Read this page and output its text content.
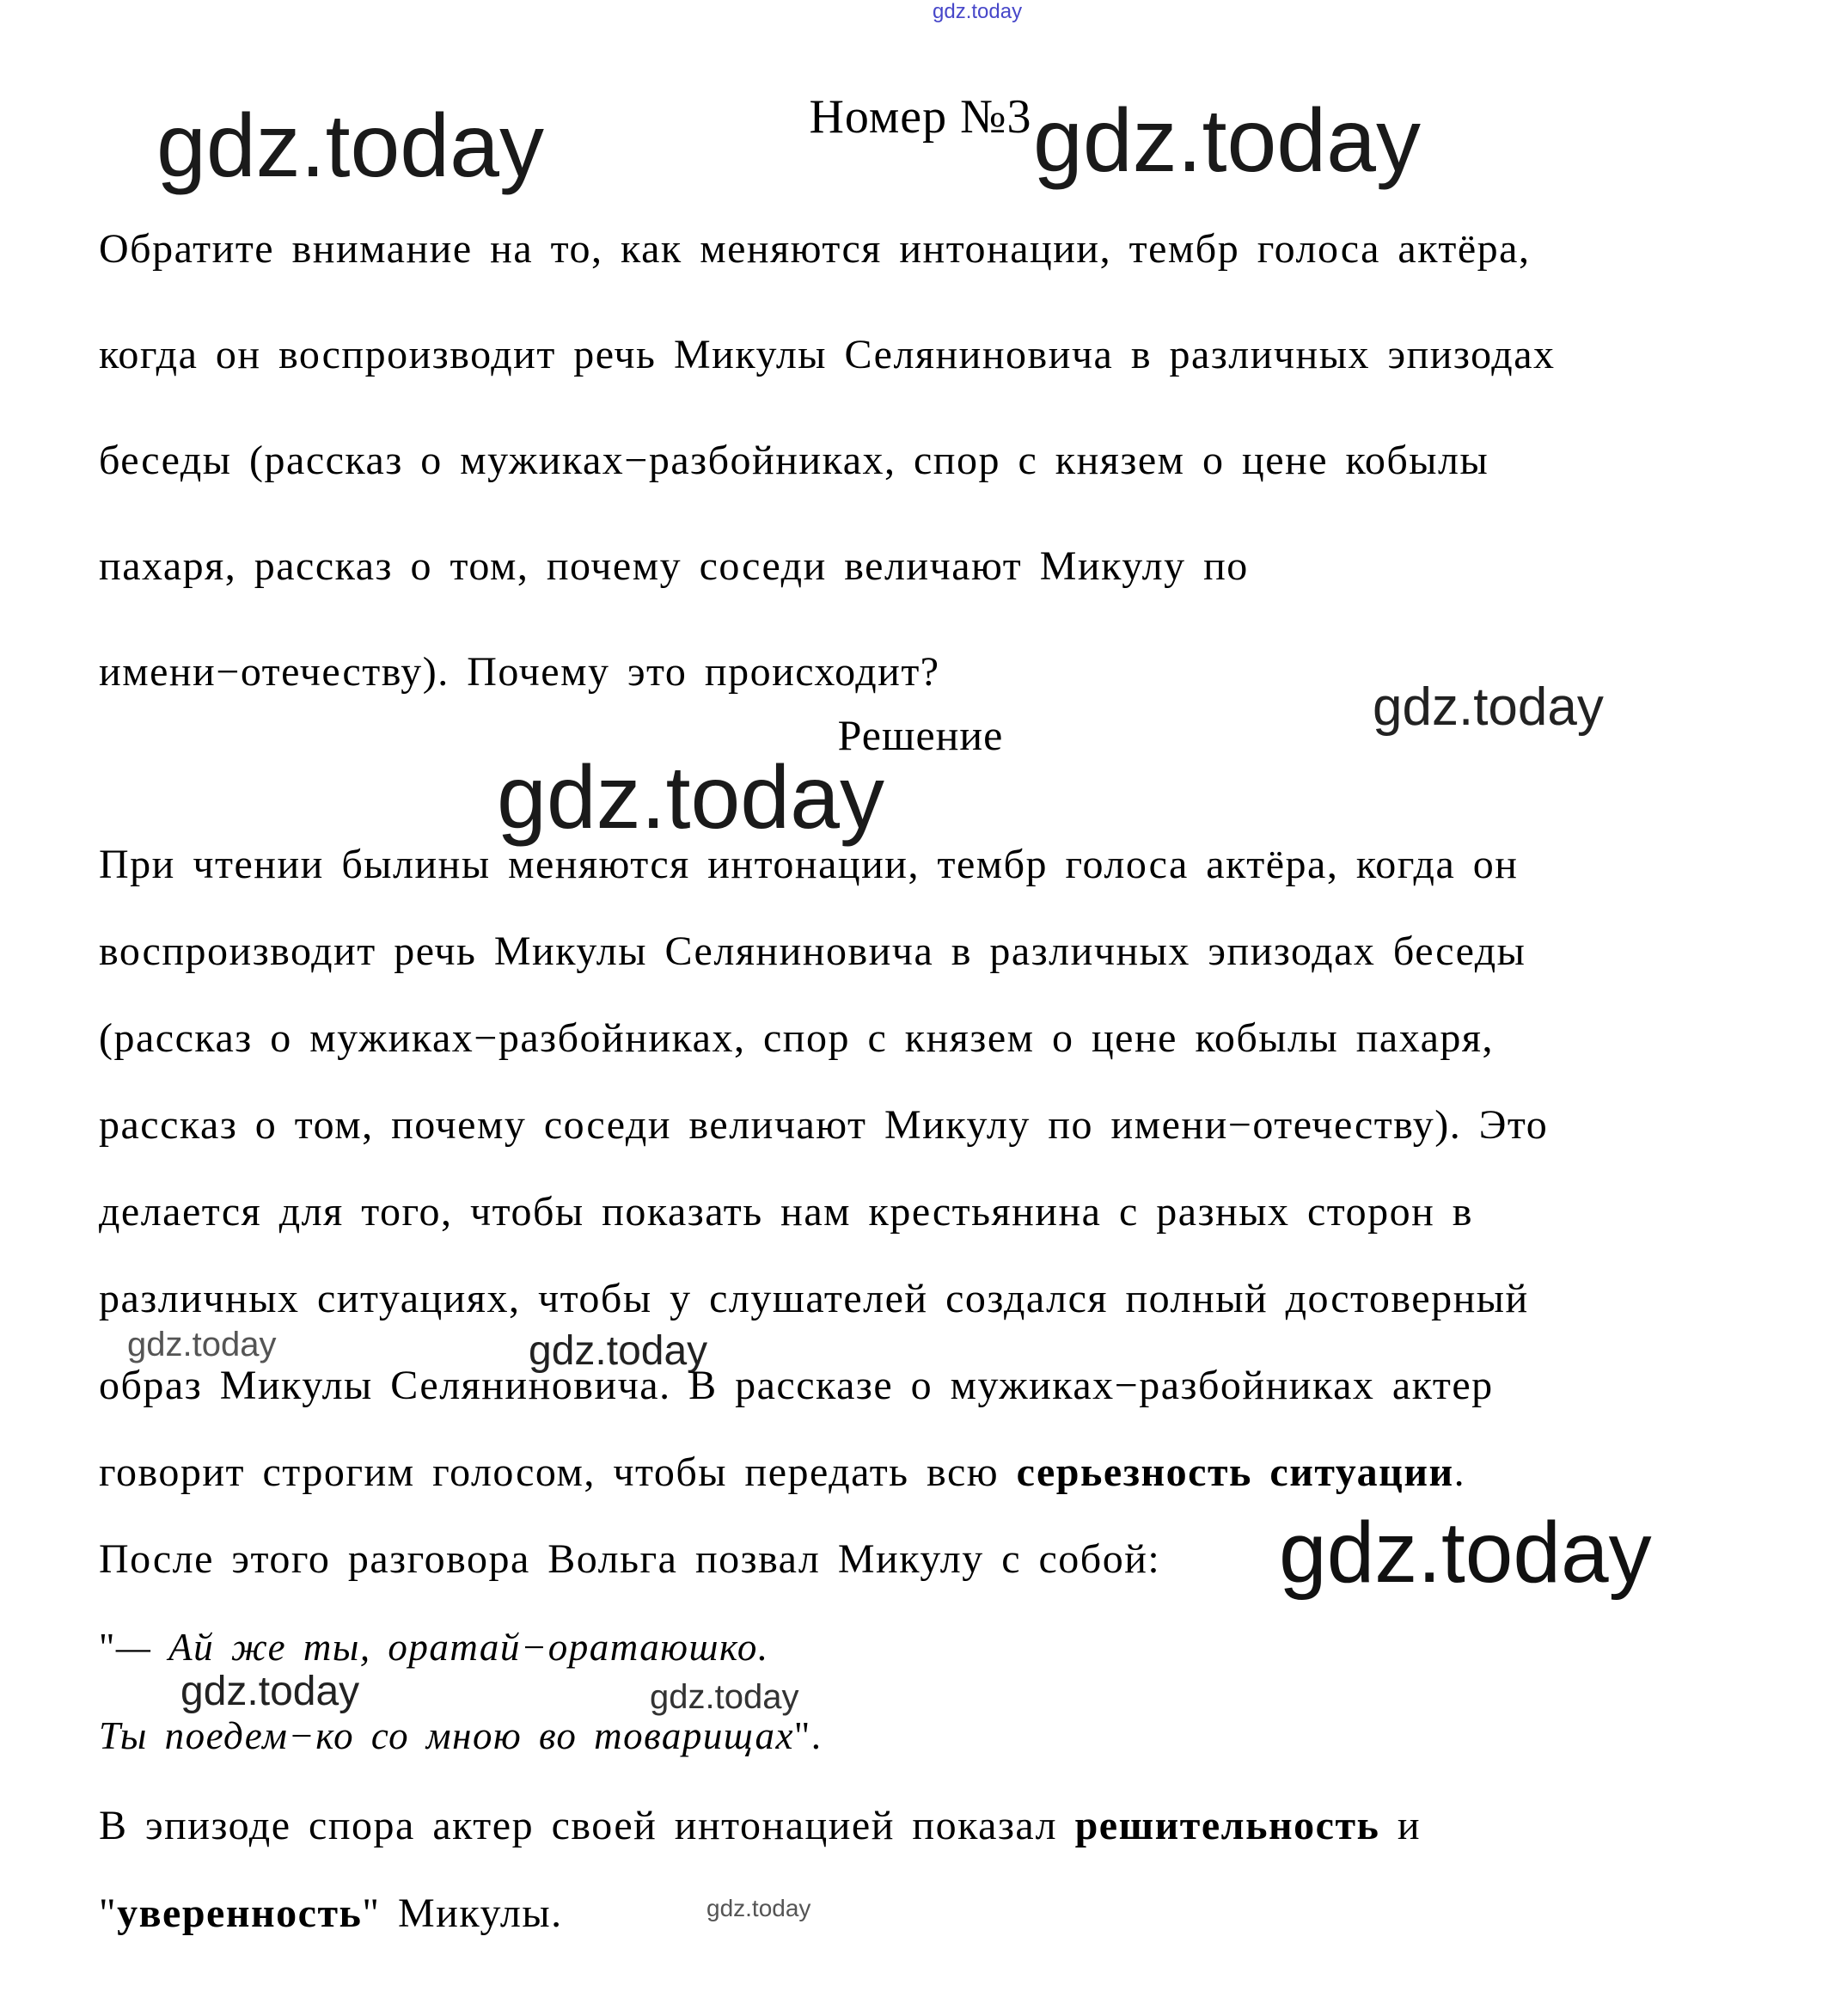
gdz.today
gdz.today	gdz.today
gdz.today
gdz.today
gdz.today	gdz.today
gdz.today
gdz.today	gdz.today
gdz.today
Номер №3
Решение
Обратите внимание на то, как меняются интонации, тембр голоса актёра,
когда он воспроизводит речь Микулы Селяниновича в различных эпизодах
беседы (рассказ о мужиках−разбойниках, спор с князем о цене кобылы
пахаря, рассказ о том, почему соседи величают Микулу по
имени−отечеству). Почему это происходит?
При чтении былины меняются интонации, тембр голоса актёра, когда он
воспроизводит речь Микулы Селяниновича в различных эпизодах беседы
(рассказ о мужиках−разбойниках, спор с князем о цене кобылы пахаря,
рассказ о том, почему соседи величают Микулу по имени−отечеству). Это
делается для того, чтобы показать нам крестьянина с разных сторон в
различных ситуациях, чтобы у слушателей создался полный достоверный
образ Микулы Селяниновича. В рассказе о мужиках−разбойниках актер
говорит строгим голосом, чтобы передать всю серьезность ситуации.
После этого разговора Вольга позвал Микулу с собой:
"— Ай же ты, оратай−оратаюшко.
Ты поедем−ко со мною во товарищах".
В эпизоде спора актер своей интонацией показал решительность и
"уверенность" Микулы.
